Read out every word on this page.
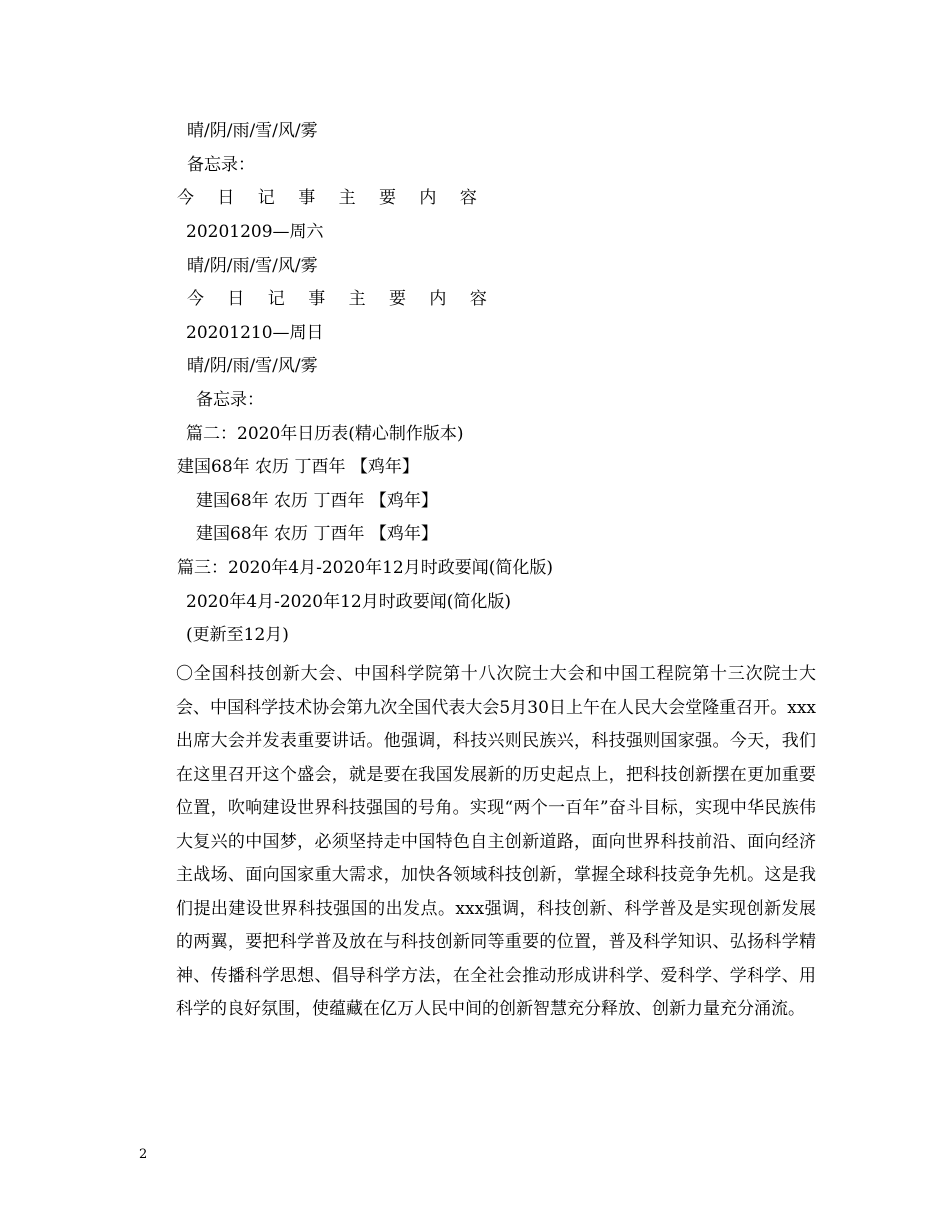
晴/阴/雨/雪/风/雾
备忘录：
今 日 记 事 主 要 内 容
20201209—周六
晴/阴/雨/雪/风/雾
今 日 记 事 主 要 内 容
20201210—周日
晴/阴/雨/雪/风/雾
备忘录：
篇二：2020年日历表(精心制作版本)
建国68年 农历 丁酉年 【鸡年】
建国68年 农历 丁酉年 【鸡年】
建国68年 农历 丁酉年 【鸡年】
篇三：2020年4月-2020年12月时政要闻(简化版)
2020年4月-2020年12月时政要闻(简化版)
(更新至12月)
〇全国科技创新大会、中国科学院第十八次院士大会和中国工程院第十三次院士大会、中国科学技术协会第九次全国代表大会5月30日上午在人民大会堂隆重召开。xxx出席大会并发表重要讲话。他强调，科技兴则民族兴，科技强则国家强。今天，我们在这里召开这个盛会，就是要在我国发展新的历史起点上，把科技创新摆在更加重要位置，吹响建设世界科技强国的号角。实现“两个一百年”奋斗目标，实现中华民族伟大复兴的中国梦，必须坚持走中国特色自主创新道路，面向世界科技前沿、面向经济主战场、面向国家重大需求，加快各领域科技创新，掌握全球科技竞争先机。这是我们提出建设世界科技强国的出发点。xxx强调，科技创新、科学普及是实现创新发展的两翼，要把科学普及放在与科技创新同等重要的位置，普及科学知识、弘扬科学精神、传播科学思想、倡导科学方法，在全社会推动形成讲科学、爱科学、学科学、用科学的良好氛围，使蕴藏在亿万人民中间的创新智慧充分释放、创新力量充分涌流。
2
